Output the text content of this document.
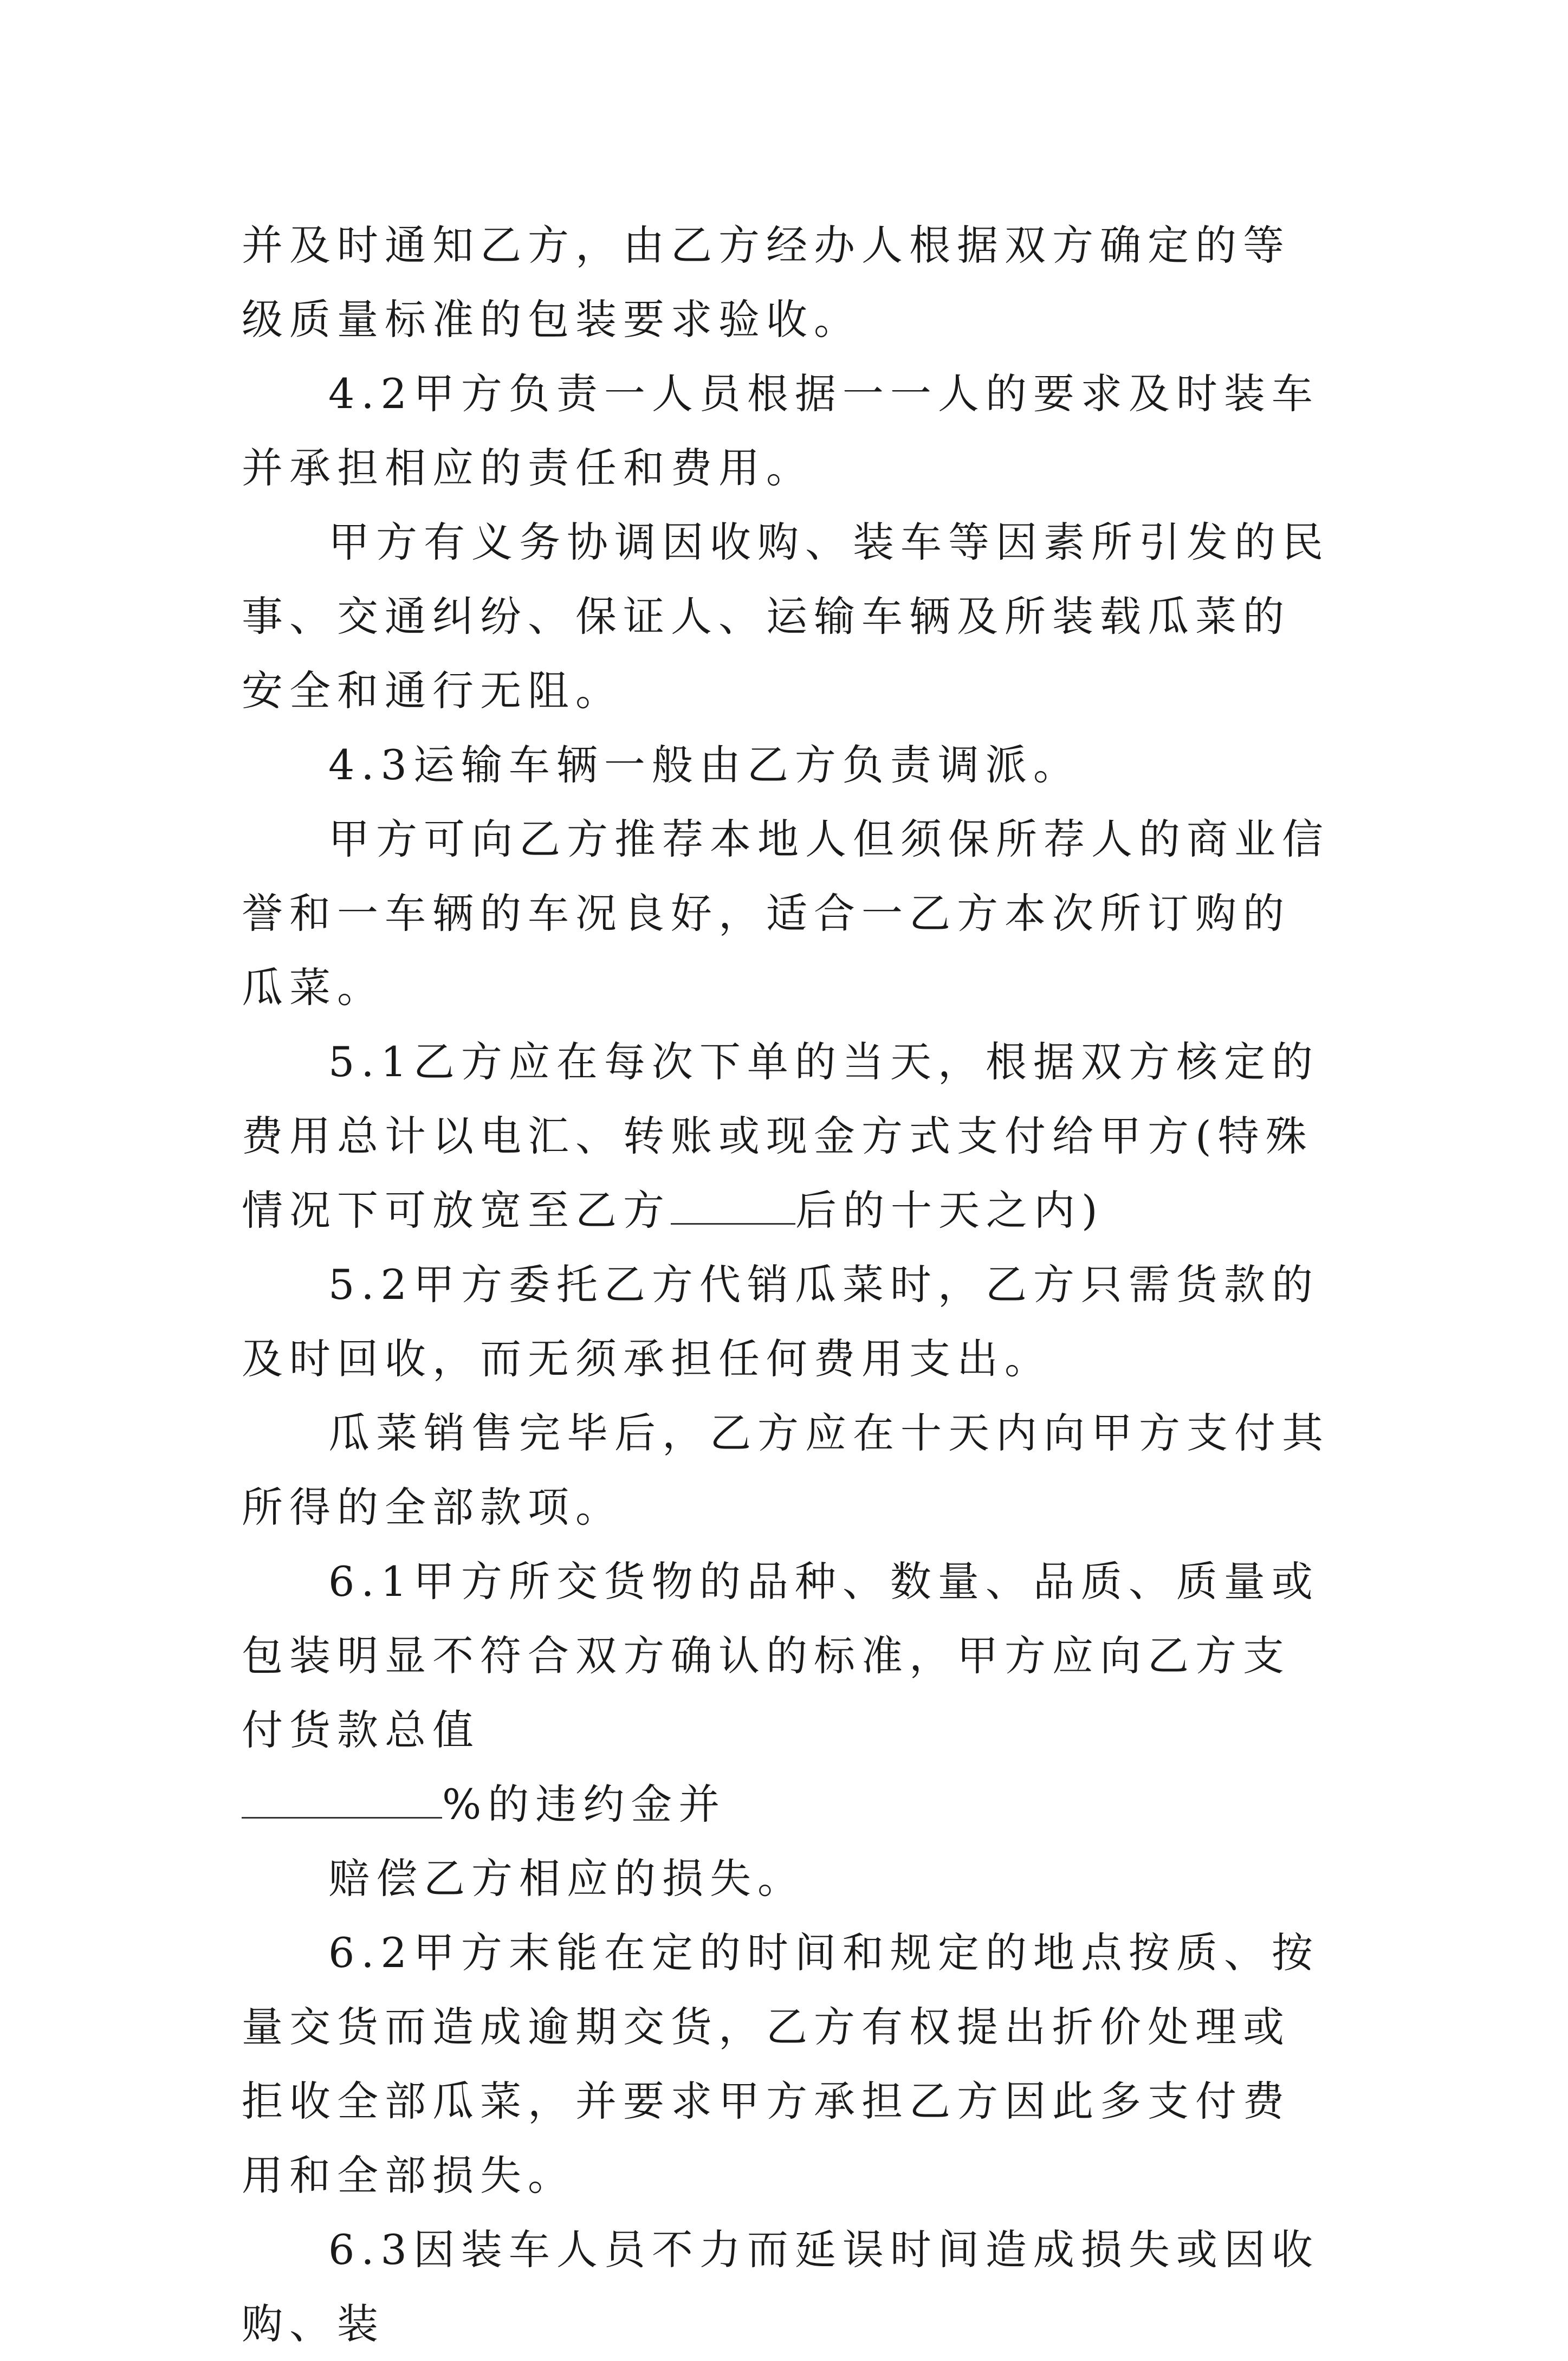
并及时通知乙方，由乙方经办人根据双方确定的等级质量标准的包装要求验收。

4.2甲方负责一人员根据一一人的要求及时装车并承担相应的责任和费用。

甲方有义务协调因收购、装车等因素所引发的民事、交通纠纷、保证人、运输车辆及所装载瓜菜的安全和通行无阻。

4.3运输车辆一般由乙方负责调派。

甲方可向乙方推荐本地人但须保所荐人的商业信誉和一车辆的车况良好，适合一乙方本次所订购的瓜菜。

5.1乙方应在每次下单的当天，根据双方核定的费用总计以电汇、转账或现金方式支付给甲方(特殊情况下可放宽至乙方	后的十天之内)

5.2甲方委托乙方代销瓜菜时，乙方只需货款的及时回收，而无须承担任何费用支出。

瓜菜销售完毕后，乙方应在十天内向甲方支付其所得的全部款项。

6.1甲方所交货物的品种、数量、品质、质量或包装明显不符合双方确认的标准，甲方应向乙方支付货款总值

%的违约金并

赔偿乙方相应的损失。

6.2甲方末能在定的时间和规定的地点按质、按量交货而造成逾期交货，乙方有权提出折价处理或拒收全部瓜菜，并要求甲方承担乙方因此多支付费用和全部损失。

6.3因装车人员不力而延误时间造成损失或因收购、装
